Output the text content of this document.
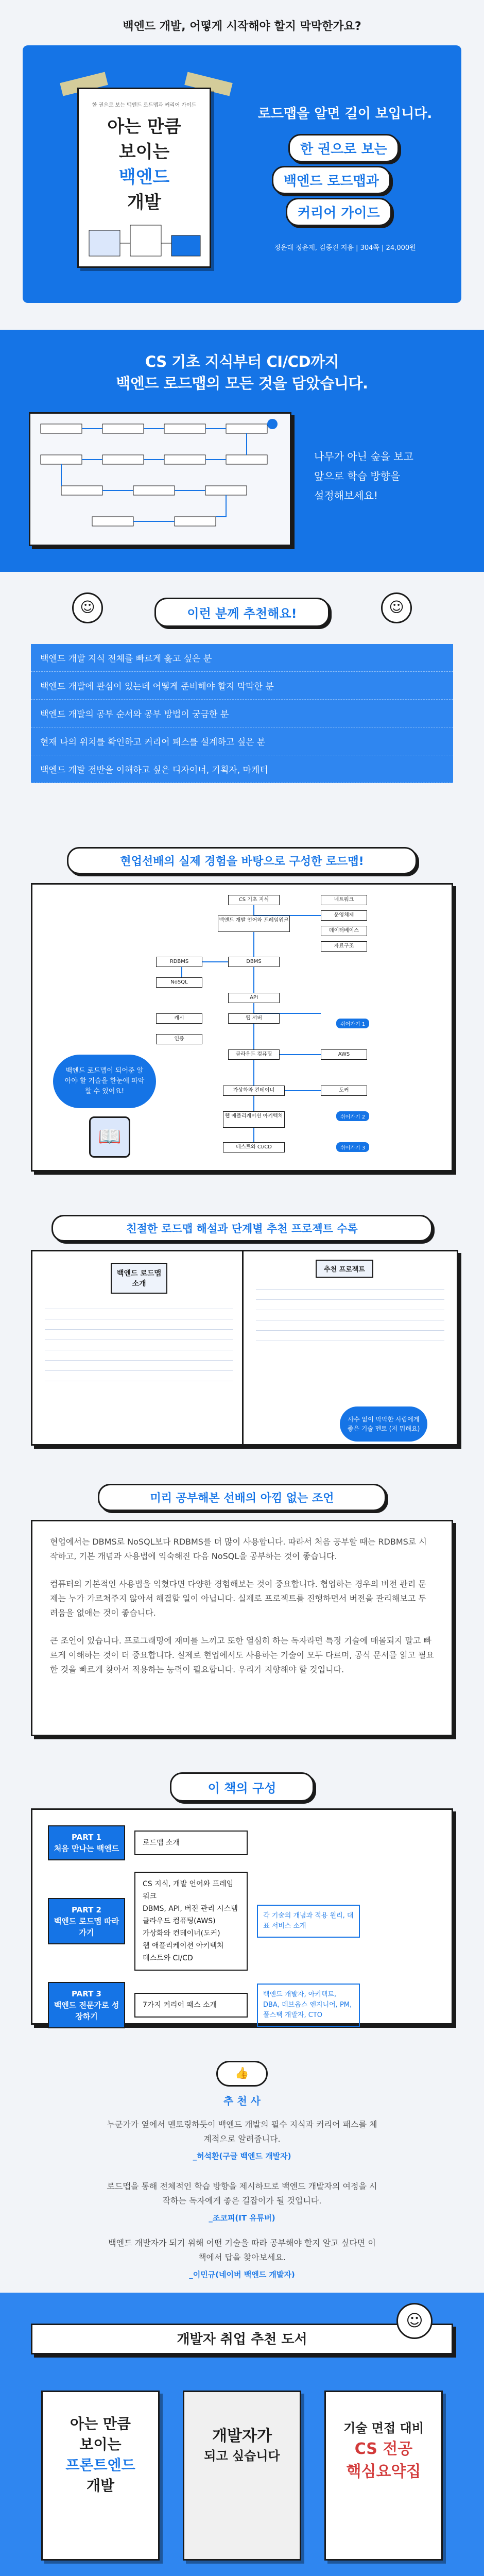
백엔드 개발, 어떻게 시작해야 할지 막막한가요?
한 권으로 보는 백엔드 로드맵과 커리어 가이드
아는 만큼
보이는
백엔드
개발
로드맵을 알면 길이 보입니다.
한 권으로 보는
백엔드 로드맵과
커리어 가이드
정운대 정윤제, 김종진 지음 | 304쪽 | 24,000원
CS 기초 지식부터 CI/CD까지
백엔드 로드맵의 모든 것을 담았습니다.
나무가 아닌 숲을 보고
앞으로 학습 방향을
설정해보세요!
☺	☺
이런 분께 추천해요!
백엔드 개발 지식 전체를 빠르게 훑고 싶은 분
백엔드 개발에 관심이 있는데 어떻게 준비해야 할지 막막한 분
백엔드 개발의 공부 순서와 공부 방법이 궁금한 분
현재 나의 위치를 확인하고 커리어 패스를 설계하고 싶은 분
백엔드 개발 전반을 이해하고 싶은 디자이너, 기획자, 마케터
현업선배의 실제 경험을 바탕으로 구성한 로드맵!
CS 기초 지식
백엔드 개발 언어와 프레임워크
DBMS
RDBMS
NoSQL
API
웹 서버
캐시
인증
클라우드 컴퓨팅	AWS
가상화와 컨테이너	도커
웹 애플리케이션 아키텍처
테스트와 CI/CD
네트워크
운영체제
데이터베이스
자료구조
쉬어가기 1
쉬어가기 2
쉬어가기 3
백엔드 로드맵이 되어준 알아야 할 기술을 한눈에 파악할 수 있어요!
📖
친절한 로드맵 해설과 단계별 추천 프로젝트 수록
백엔드 로드맵 소개
추천 프로젝트
사수 없이 막막한 사람에게 좋은 기술 멘토 (저 뭐해요)
미리 공부해본 선배의 아낌 없는 조언
현업에서는 DBMS로 NoSQL보다 RDBMS를 더 많이 사용합니다. 따라서 처음 공부할 때는 RDBMS로 시작하고, 기본 개념과 사용법에 익숙해진 다음 NoSQL을 공부하는 것이 좋습니다.
컴퓨터의 기본적인 사용법을 익혔다면 다양한 경험해보는 것이 중요합니다. 협업하는 경우의 버전 관리 문제는 누가 가르쳐주지 않아서 해결할 일이 아닙니다. 실제로 프로젝트를 진행하면서 버전을 관리해보고 두려움을 없애는 것이 좋습니다.
큰 조언이 있습니다. 프로그래밍에 재미를 느끼고 또한 열심히 하는 독자라면 특정 기술에 매몰되지 말고 빠르게 이해하는 것이 더 중요합니다. 실제로 현업에서도 사용하는 기술이 모두 다르며, 공식 문서를 읽고 필요한 것을 빠르게 찾아서 적용하는 능력이 필요합니다. 우리가 지향해야 할 것입니다.
이 책의 구성
PART 1
처음 만나는 백엔드
로드맵 소개
PART 2
백엔드 로드맵 따라가기
CS 지식, 개발 언어와 프레임워크
DBMS, API, 버전 관리 시스템
클라우드 컴퓨팅(AWS)
가상화와 컨테이너(도커)
웹 애플리케이션 아키텍처
테스트와 CI/CD
각 기술의 개념과 적용 원리, 대표 서비스 소개
PART 3
백엔드 전문가로 성장하기
7가지 커리어 패스 소개
백엔드 개발자, 아키텍트, DBA, 데브옵스 엔지니어, PM, 풀스택 개발자, CTO
👍
추 천 사
누군가가 옆에서 멘토링하듯이 백엔드 개발의 필수 지식과 커리어 패스를 체계적으로 알려줍니다.
_허석환(구글 백엔드 개발자)
로드맵을 통해 전체적인 학습 방향을 제시하므로 백엔드 개발자의 여정을 시작하는 독자에게 좋은 길잡이가 될 것입니다.
_조코피(IT 유튜버)
백엔드 개발자가 되기 위해 어떤 기술을 따라 공부해야 할지 알고 싶다면 이 책에서 답을 찾아보세요.
_이민규(네이버 백엔드 개발자)
개발자 취업 추천 도서
☺
아는 만큼
보이는
프론트엔드
개발
개발자가
되고 싶습니다
기술 면접 대비
CS 전공
핵심요약집
